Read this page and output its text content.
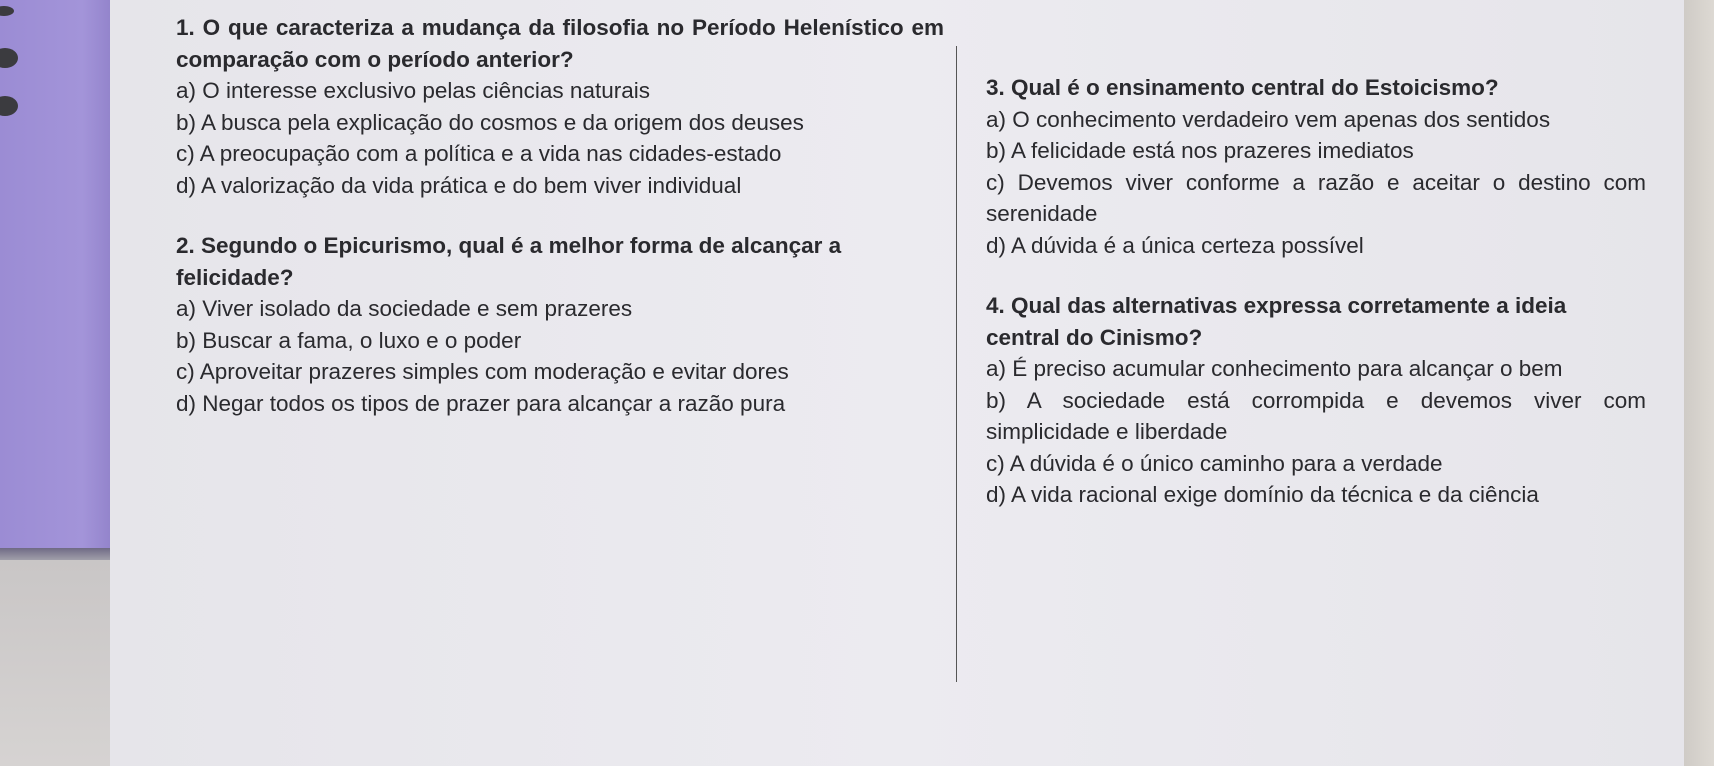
1. O que caracteriza a mudança da filosofia no Período Helenístico em comparação com o período anterior?

a) O interesse exclusivo pelas ciências naturais

b) A busca pela explicação do cosmos e da origem dos deuses

c) A preocupação com a política e a vida nas cidades-estado

d) A valorização da vida prática e do bem viver individual

2. Segundo o Epicurismo, qual é a melhor forma de alcançar a felicidade?

a) Viver isolado da sociedade e sem prazeres

b) Buscar a fama, o luxo e o poder

c) Aproveitar prazeres simples com moderação e evitar dores

d) Negar todos os tipos de prazer para alcançar a razão pura

3. Qual é o ensinamento central do Estoicismo?

a) O conhecimento verdadeiro vem apenas dos sentidos

b) A felicidade está nos prazeres imediatos

c) Devemos viver conforme a razão e aceitar o destino com serenidade

d) A dúvida é a única certeza possível

4. Qual das alternativas expressa corretamente a ideia central do Cinismo?

a) É preciso acumular conhecimento para alcançar o bem

b) A sociedade está corrompida e devemos viver com simplicidade e liberdade

c) A dúvida é o único caminho para a verdade

d) A vida racional exige domínio da técnica e da ciência
